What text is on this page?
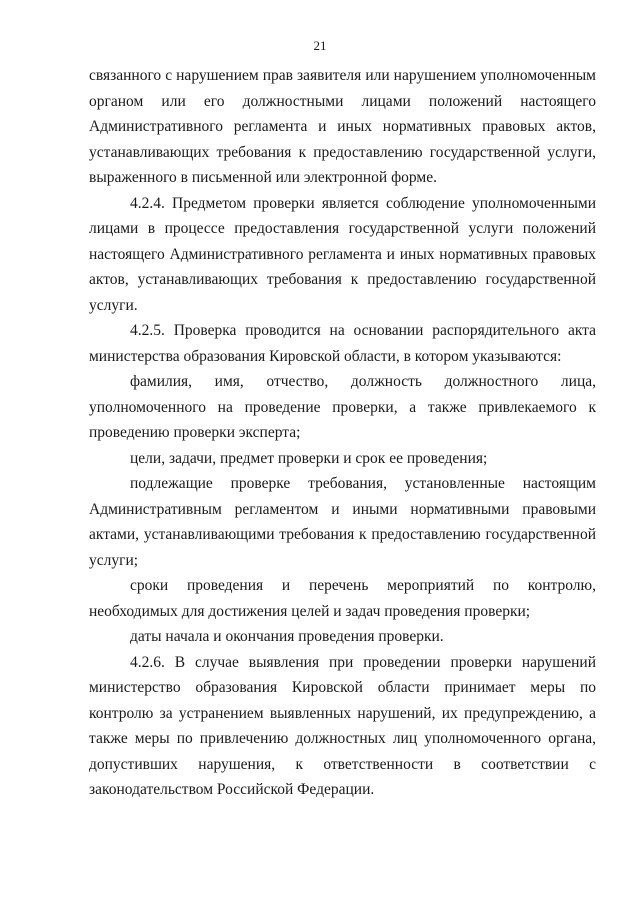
21

связанного с нарушением прав заявителя или нарушением уполномоченным органом или его должностными лицами положений настоящего Административного регламента и иных нормативных правовых актов, устанавливающих требования к предоставлению государственной услуги, выраженного в письменной или электронной форме.

4.2.4. Предметом проверки является соблюдение уполномоченными лицами в процессе предоставления государственной услуги положений настоящего Административного регламента и иных нормативных правовых актов, устанавливающих требования к предоставлению государственной услуги.

4.2.5. Проверка проводится на основании распорядительного акта министерства образования Кировской области, в котором указываются:

фамилия, имя, отчество, должность должностного лица, уполномоченного на проведение проверки, а также привлекаемого к проведению проверки эксперта;

цели, задачи, предмет проверки и срок ее проведения;

подлежащие проверке требования, установленные настоящим Административным регламентом и иными нормативными правовыми актами, устанавливающими требования к предоставлению государственной услуги;

сроки проведения и перечень мероприятий по контролю, необходимых для достижения целей и задач проведения проверки;

даты начала и окончания проведения проверки.

4.2.6. В случае выявления при проведении проверки нарушений министерство образования Кировской области принимает меры по контролю за устранением выявленных нарушений, их предупреждению, а также меры по привлечению должностных лиц уполномоченного органа, допустивших нарушения, к ответственности в соответствии с законодательством Российской Федерации.
